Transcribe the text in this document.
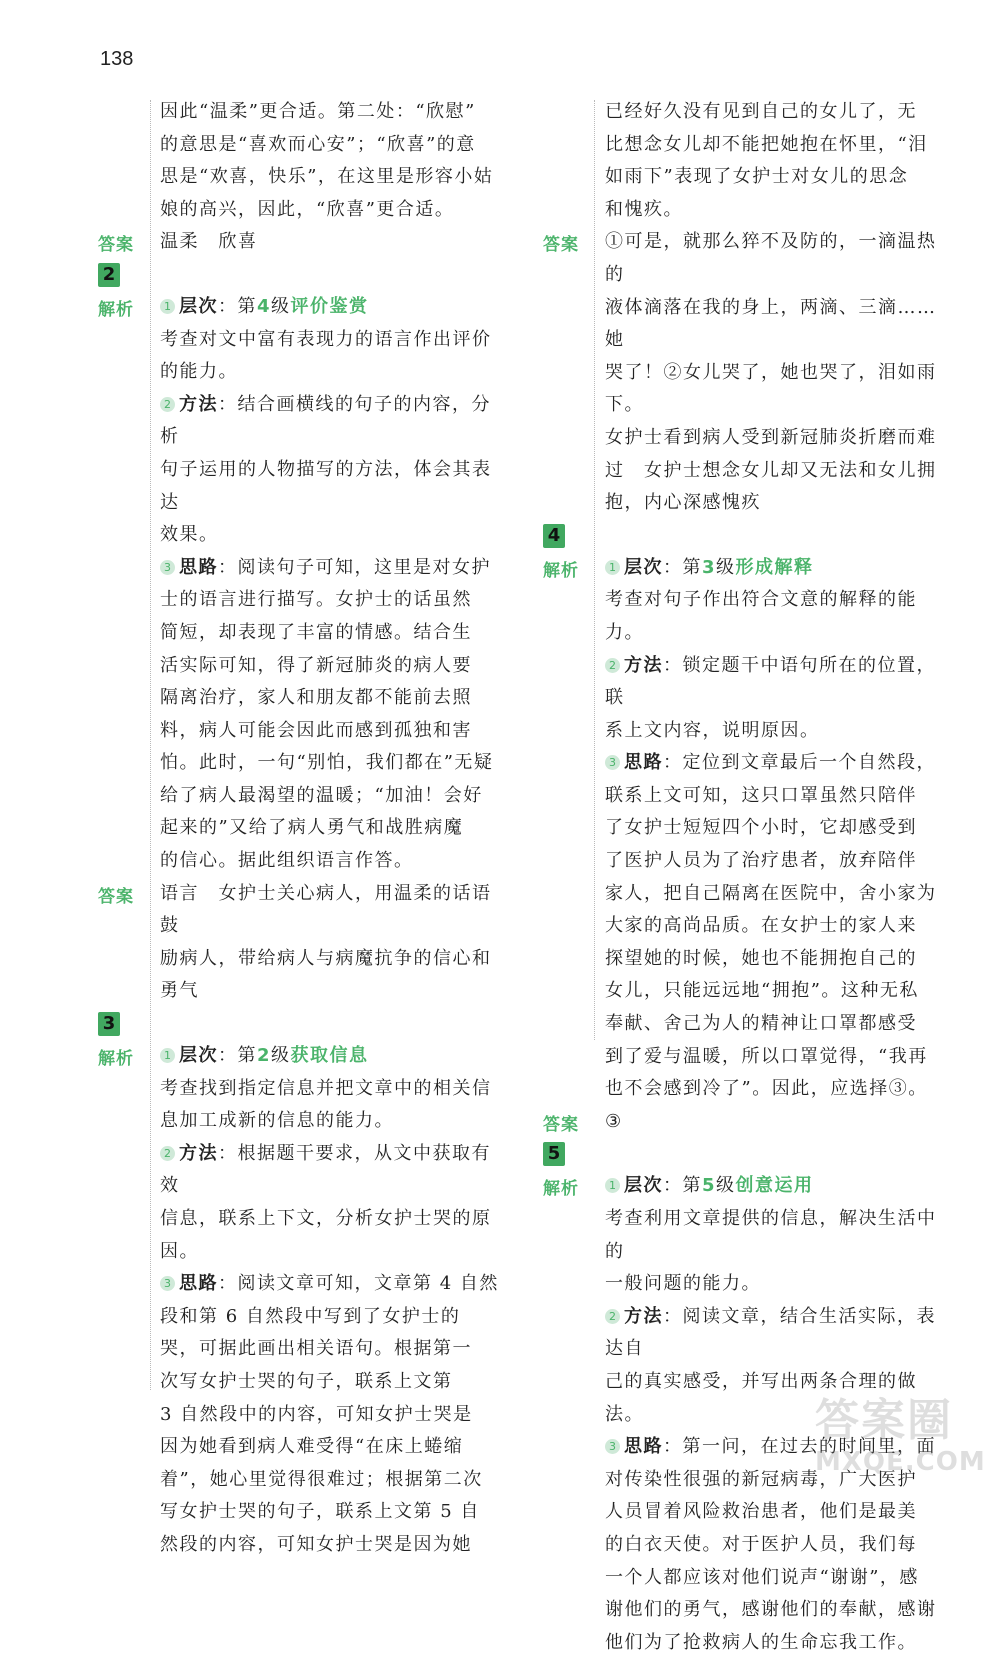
138
因此“温柔”更合适。第二处：“欣慰”
的意思是“喜欢而心安”；“欣喜”的意
思是“欢喜，快乐”，在这里是形容小姑
娘的高兴，因此，“欣喜”更合适。
答案 温柔　欣喜
2
解析	1 层次：第4级评价鉴赏
考查对文中富有表现力的语言作出评价
的能力。
2 方法：结合画横线的句子的内容，分析
句子运用的人物描写的方法，体会其表达
效果。
3 思路：阅读句子可知，这里是对女护
士的语言进行描写。女护士的话虽然
简短，却表现了丰富的情感。结合生
活实际可知，得了新冠肺炎的病人要
隔离治疗，家人和朋友都不能前去照
料，病人可能会因此而感到孤独和害
怕。此时，一句“别怕，我们都在”无疑
给了病人最渴望的温暖；“加油！会好
起来的”又给了病人勇气和战胜病魔
的信心。据此组织语言作答。
答案 语言　女护士关心病人，用温柔的话语鼓
励病人，带给病人与病魔抗争的信心和
勇气
3
解析	1 层次：第2级获取信息
考查找到指定信息并把文章中的相关信
息加工成新的信息的能力。
2 方法：根据题干要求，从文中获取有效
信息，联系上下文，分析女护士哭的原因。
3 思路：阅读文章可知，文章第 4 自然
段和第 6 自然段中写到了女护士的
哭，可据此画出相关语句。根据第一
次写女护士哭的句子，联系上文第
3 自然段中的内容，可知女护士哭是
因为她看到病人难受得“在床上蜷缩
着”，她心里觉得很难过；根据第二次
写女护士哭的句子，联系上文第 5 自
然段的内容，可知女护士哭是因为她
已经好久没有见到自己的女儿了，无
比想念女儿却不能把她抱在怀里，“泪
如雨下”表现了女护士对女儿的思念
和愧疚。
答案 ①可是，就那么猝不及防的，一滴温热的
液体滴落在我的身上，两滴、三滴……她
哭了！②女儿哭了，她也哭了，泪如雨下。
女护士看到病人受到新冠肺炎折磨而难
过　女护士想念女儿却又无法和女儿拥
抱，内心深感愧疚
4
解析	1 层次：第3级形成解释
考查对句子作出符合文意的解释的能力。
2 方法：锁定题干中语句所在的位置，联
系上文内容，说明原因。
3 思路：定位到文章最后一个自然段，
联系上文可知，这只口罩虽然只陪伴
了女护士短短四个小时，它却感受到
了医护人员为了治疗患者，放弃陪伴
家人，把自己隔离在医院中，舍小家为
大家的高尚品质。在女护士的家人来
探望她的时候，她也不能拥抱自己的
女儿，只能远远地“拥抱”。这种无私
奉献、舍己为人的精神让口罩都感受
到了爱与温暖，所以口罩觉得，“我再
也不会感到冷了”。因此，应选择③。
答案 ③
5
解析	1 层次：第5级创意运用
考查利用文章提供的信息，解决生活中的
一般问题的能力。
2 方法：阅读文章，结合生活实际，表达自
己的真实感受，并写出两条合理的做法。
3 思路：第一问，在过去的时间里，面
对传染性很强的新冠病毒，广大医护
人员冒着风险救治患者，他们是最美
的白衣天使。对于医护人员，我们每
一个人都应该对他们说声“谢谢”，感
谢他们的勇气，感谢他们的奉献，感谢
他们为了抢救病人的生命忘我工作。
答案圈
MXQE.COM
